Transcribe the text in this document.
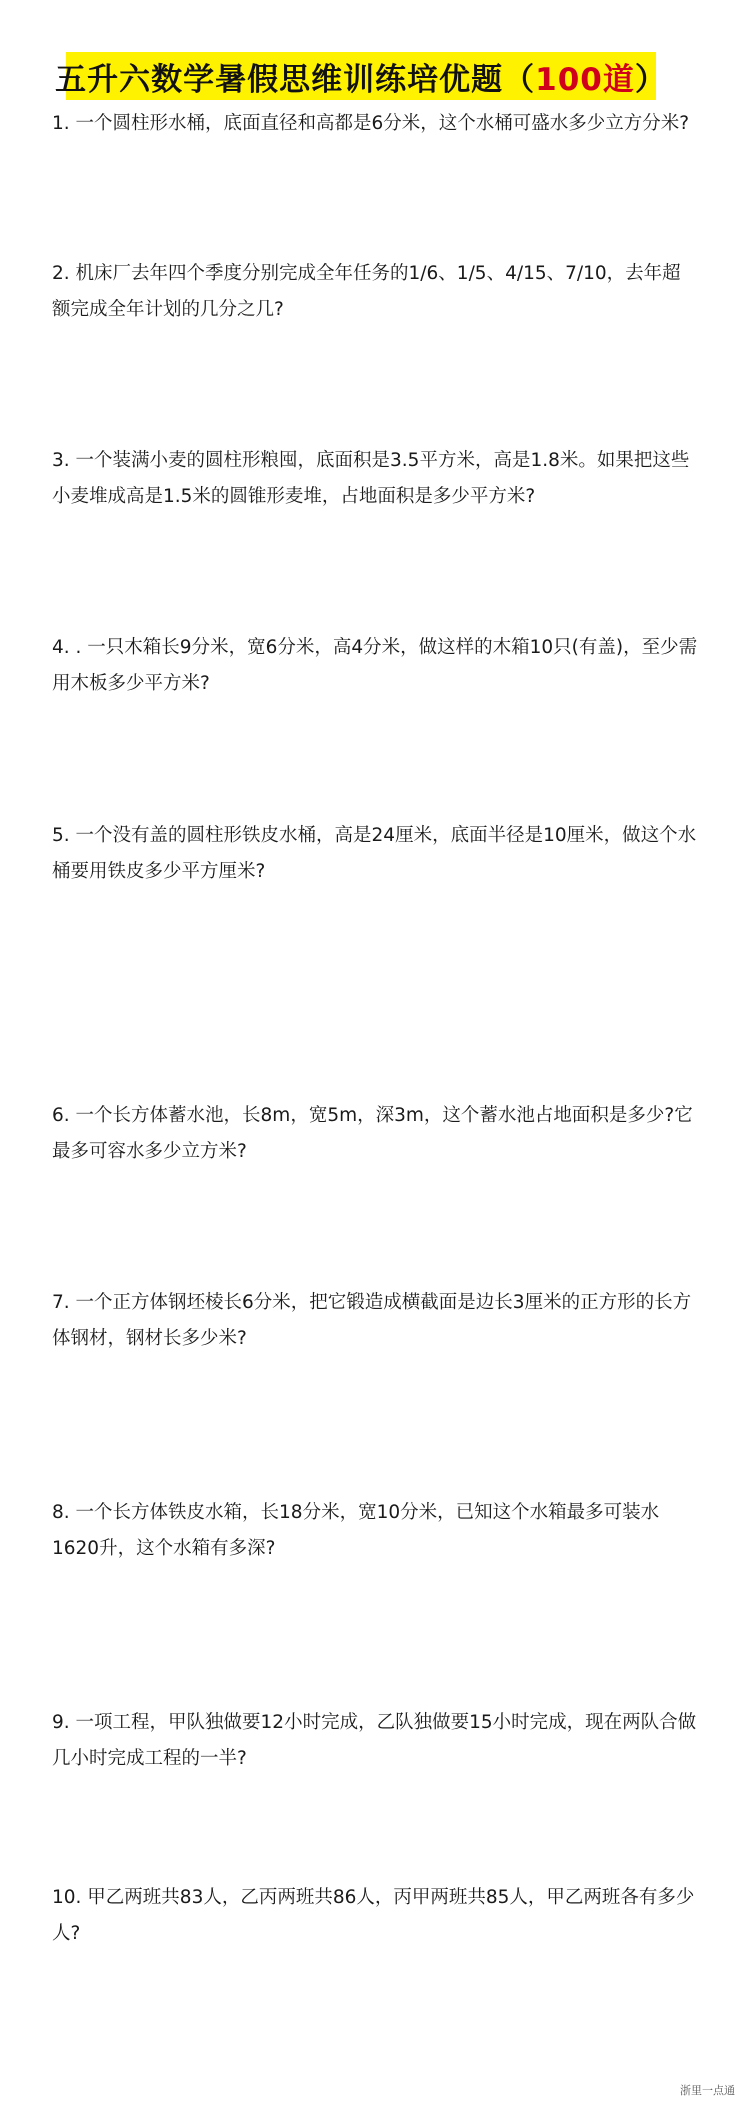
五升六数学暑假思维训练培优题（ 100道 ）

1. 一个圆柱形水桶，底面直径和高都是6分米，这个水桶可盛水多少立方分米?

2. 机床厂去年四个季度分别完成全年任务的1/6、1/5、4/15、7/10，去年超额完成全年计划的几分之几?

3. 一个装满小麦的圆柱形粮囤，底面积是3.5平方米，高是1.8米。如果把这些小麦堆成高是1.5米的圆锥形麦堆，占地面积是多少平方米?

4. . 一只木箱长9分米，宽6分米，高4分米，做这样的木箱10只(有盖)，至少需用木板多少平方米?

5. 一个没有盖的圆柱形铁皮水桶，高是24厘米，底面半径是10厘米，做这个水桶要用铁皮多少平方厘米?

6. 一个长方体蓄水池，长8m，宽5m，深3m，这个蓄水池占地面积是多少?它最多可容水多少立方米?

7. 一个正方体钢坯棱长6分米，把它锻造成横截面是边长3厘米的正方形的长方体钢材，钢材长多少米?

8. 一个长方体铁皮水箱，长18分米，宽10分米，已知这个水箱最多可装水1620升，这个水箱有多深?

9. 一项工程，甲队独做要12小时完成，乙队独做要15小时完成，现在两队合做几小时完成工程的一半?

10. 甲乙两班共83人，乙丙两班共86人，丙甲两班共85人，甲乙两班各有多少人?

浙里一点通
